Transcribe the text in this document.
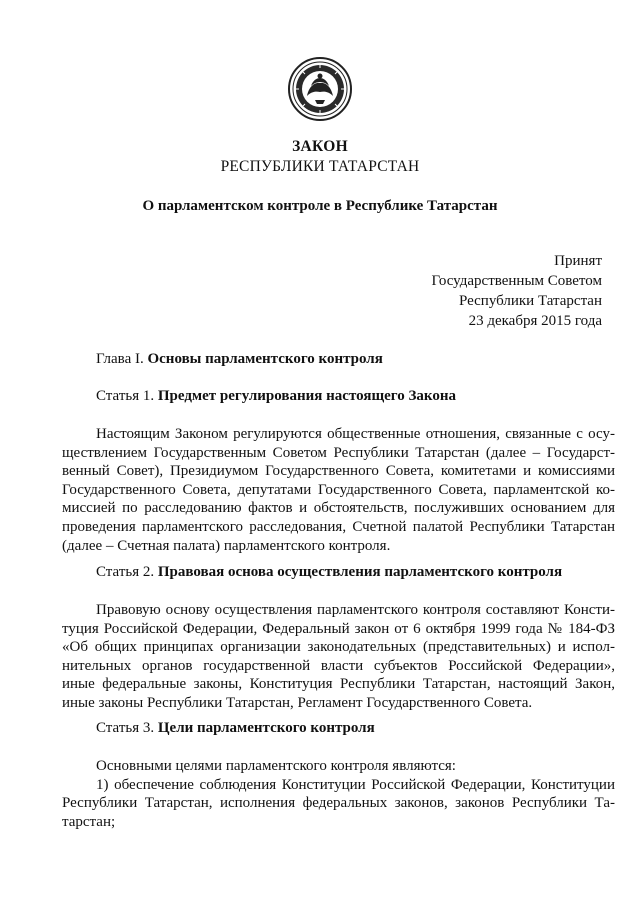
ЗАКОН
РЕСПУБЛИКИ ТАТАРСТАН
О парламентском контроле в Республике Татарстан
Принят
Государственным Советом
Республики Татарстан
23 декабря 2015 года
Глава I. Основы парламентского контроля
Статья 1. Предмет регулирования настоящего Закона
Настоящим Законом регулируются общественные отношения, связанные с осу-
ществлением Государственным Советом Республики Татарстан (далее – Государст-
венный Совет), Президиумом Государственного Совета, комитетами и комиссиями
Государственного Совета, депутатами Государственного Совета, парламентской ко-
миссией по расследованию фактов и обстоятельств, послуживших основанием для
проведения парламентского расследования, Счетной палатой Республики Татарстан
(далее – Счетная палата) парламентского контроля.
Статья 2. Правовая основа осуществления парламентского контроля
Правовую основу осуществления парламентского контроля составляют Консти-
туция Российской Федерации, Федеральный закон от 6 октября 1999 года № 184-ФЗ
«Об общих принципах организации законодательных (представительных) и испол-
нительных органов государственной власти субъектов Российской Федерации»,
иные федеральные законы, Конституция Республики Татарстан, настоящий Закон,
иные законы Республики Татарстан, Регламент Государственного Совета.
Статья 3. Цели парламентского контроля
Основными целями парламентского контроля являются:
1) обеспечение соблюдения Конституции Российской Федерации, Конституции
Республики Татарстан, исполнения федеральных законов, законов Республики Та-
тарстан;
